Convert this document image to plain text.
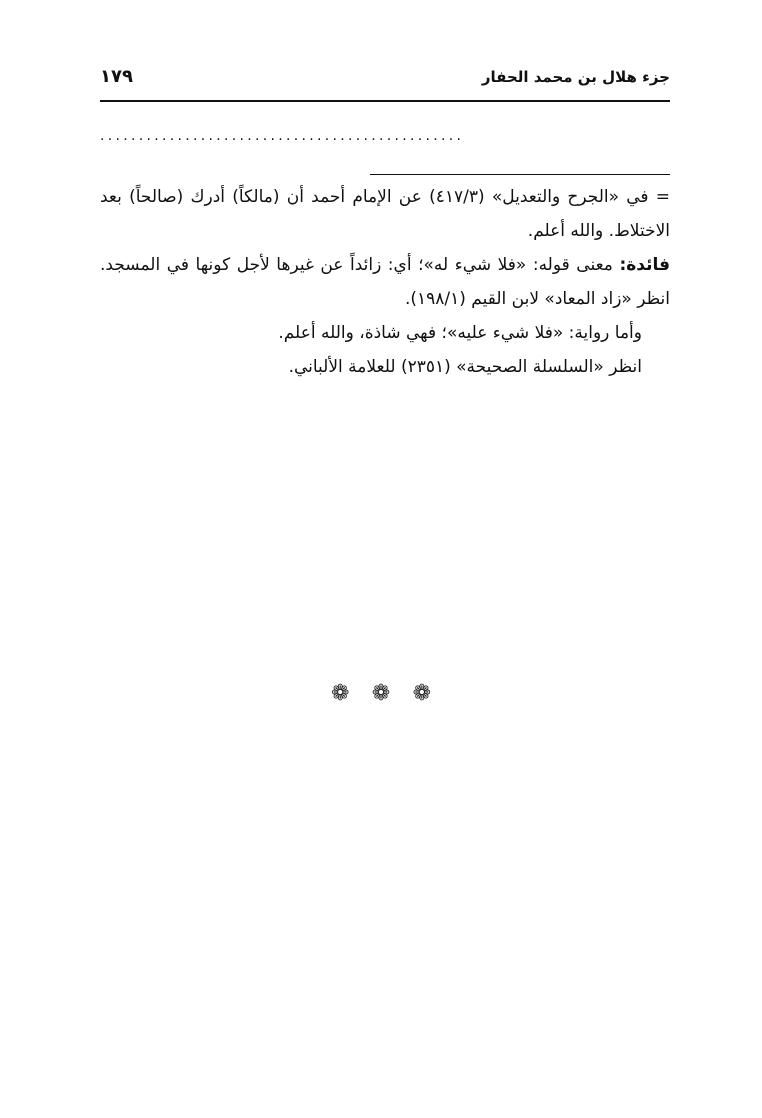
جزء هلال بن محمد الحفار
١٧٩
...............................................

= في «الجرح والتعديل» (٤١٧/٣) عن الإمام أحمد أن (مالكاً) أدرك (صالحاً) بعد الاختلاط. والله أعلم.

فائدة: معنى قوله: «فلا شيء له»؛ أي: زائداً عن غيرها لأجل كونها في المسجد. انظر «زاد المعاد» لابن القيم (١٩٨/١).

وأما رواية: «فلا شيء عليه»؛ فهي شاذة، والله أعلم.

انظر «السلسلة الصحيحة» (٢٣٥١) للعلامة الألباني.

❁ ❁ ❁
